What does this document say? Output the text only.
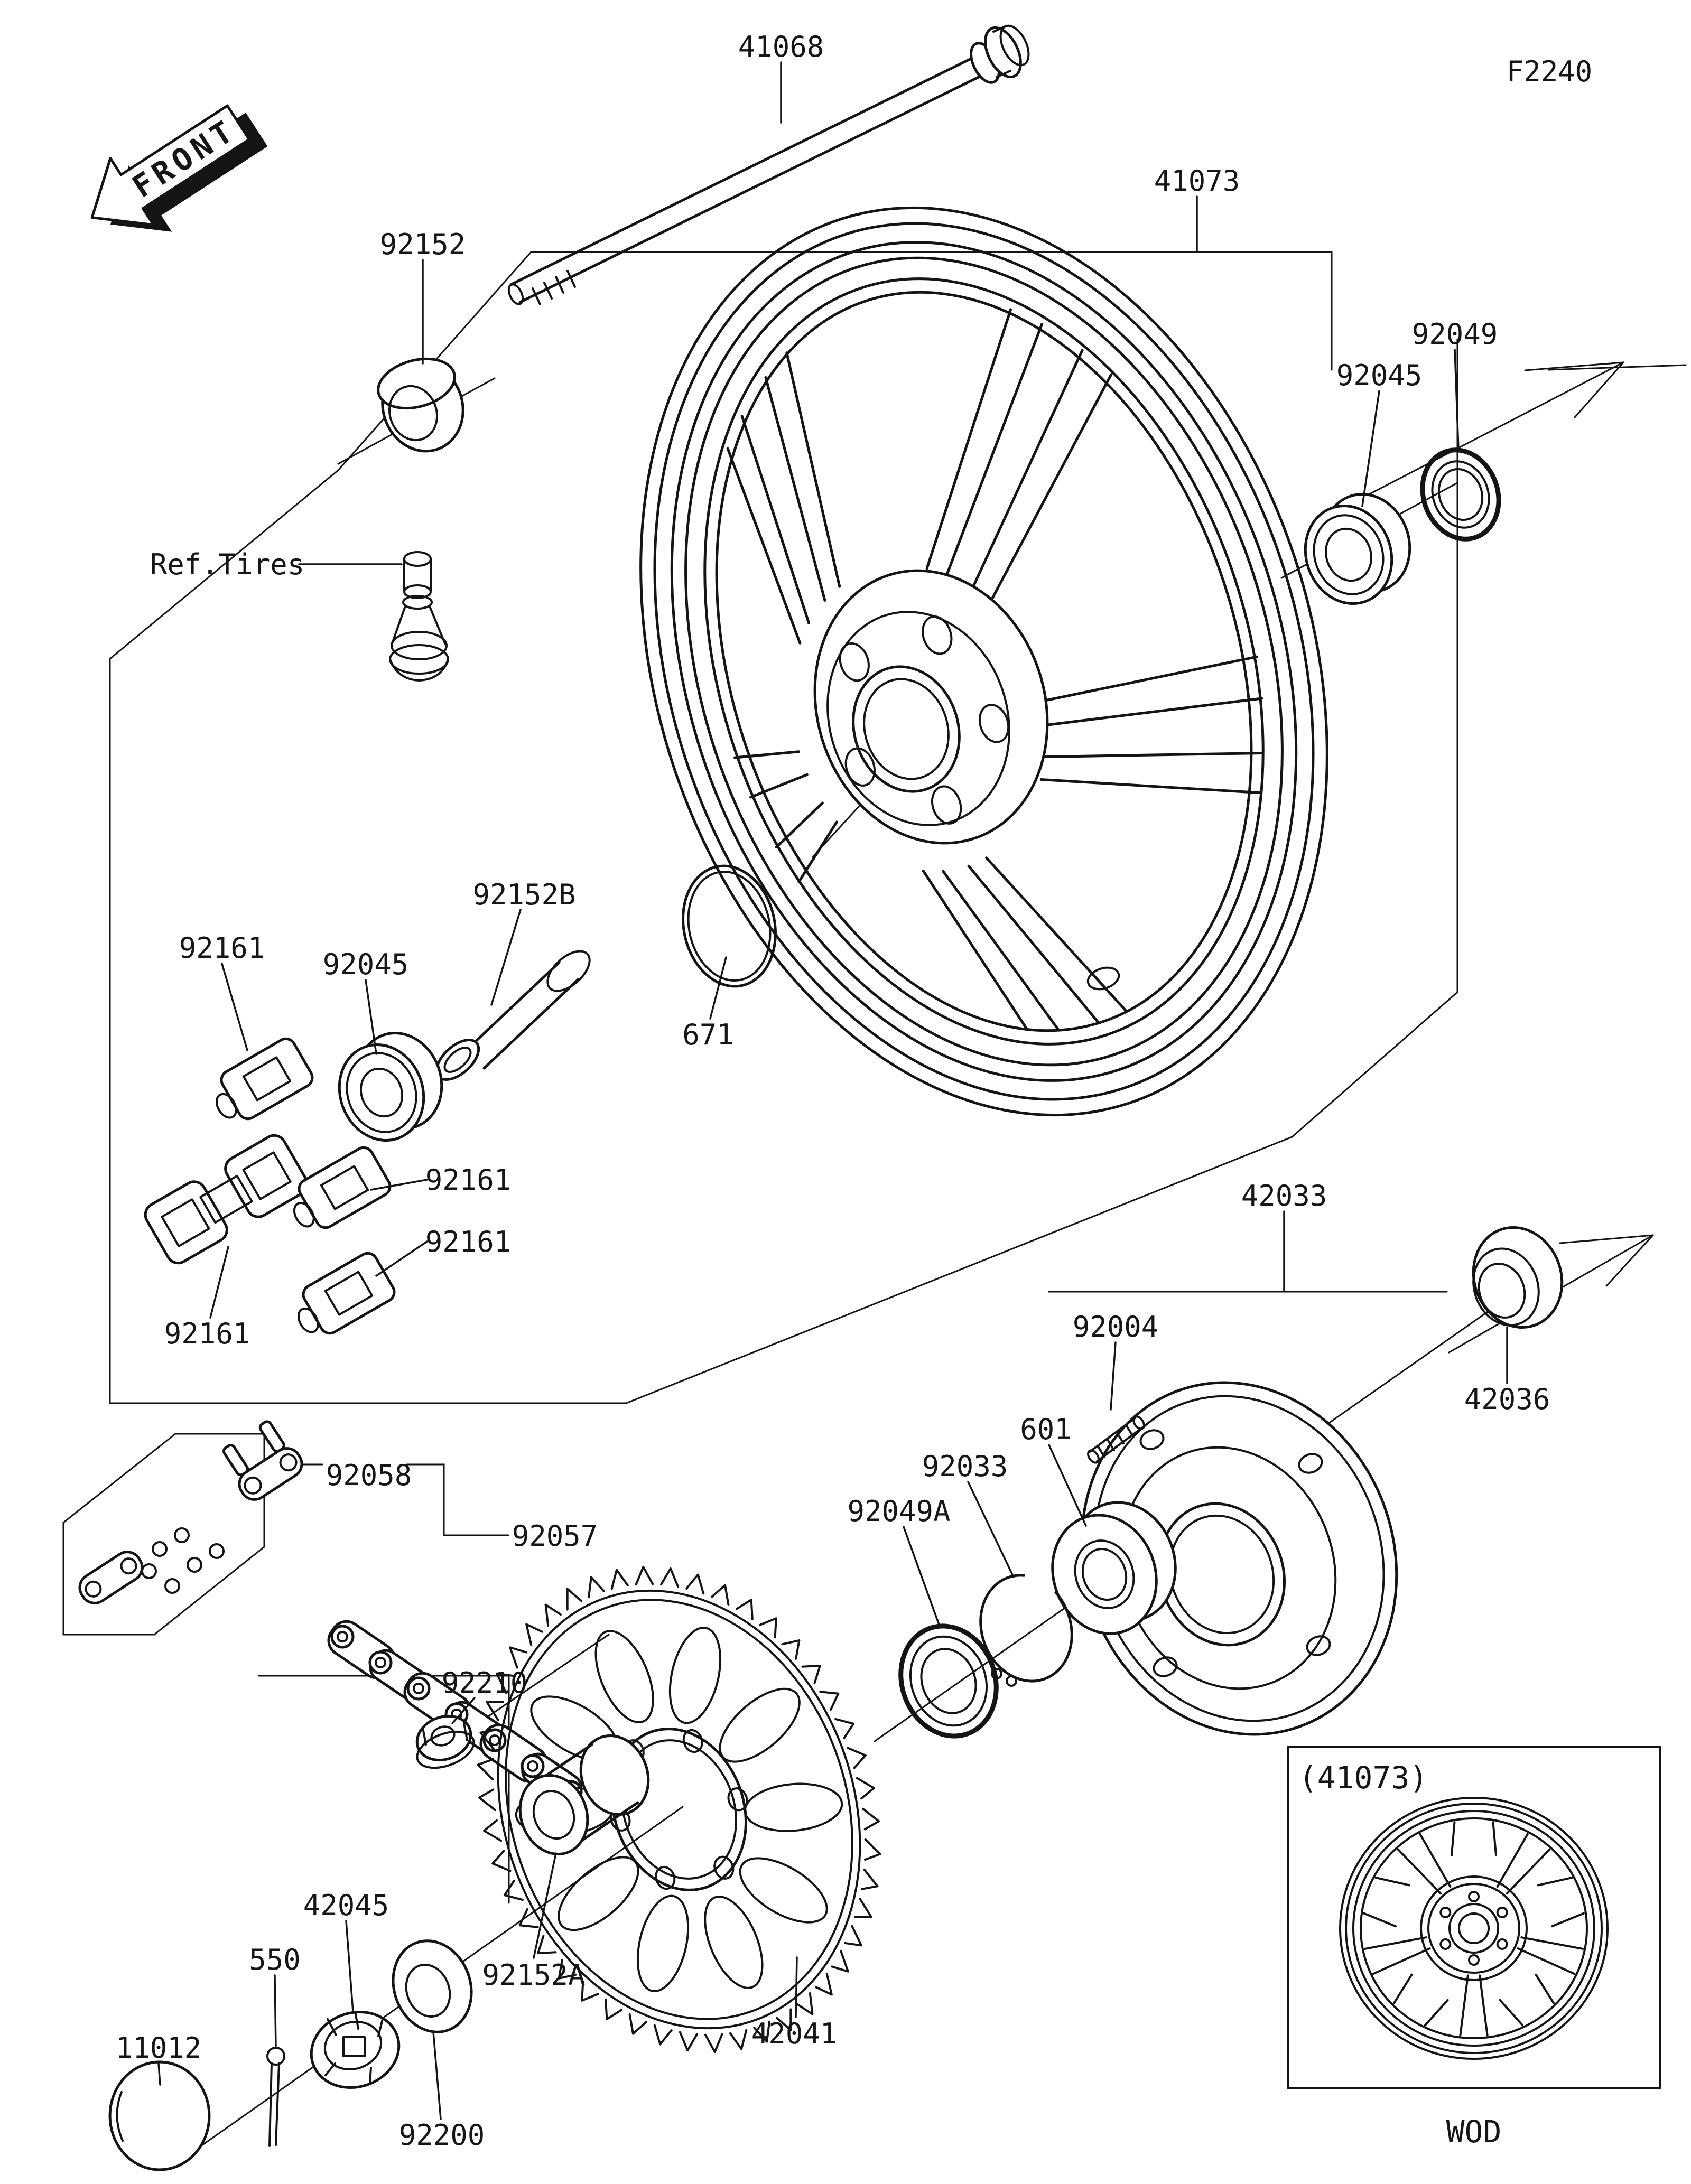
FRONT
F2240
(41073)
WOD
41068
92152
41073
92049
92045
Ref.Tires
92152B
671
92161 92045
92161
92161
92161
42033
92004
42036
601
92033
92049A
92058
92057
92210
42045
550
11012
92200
92152A
42041
